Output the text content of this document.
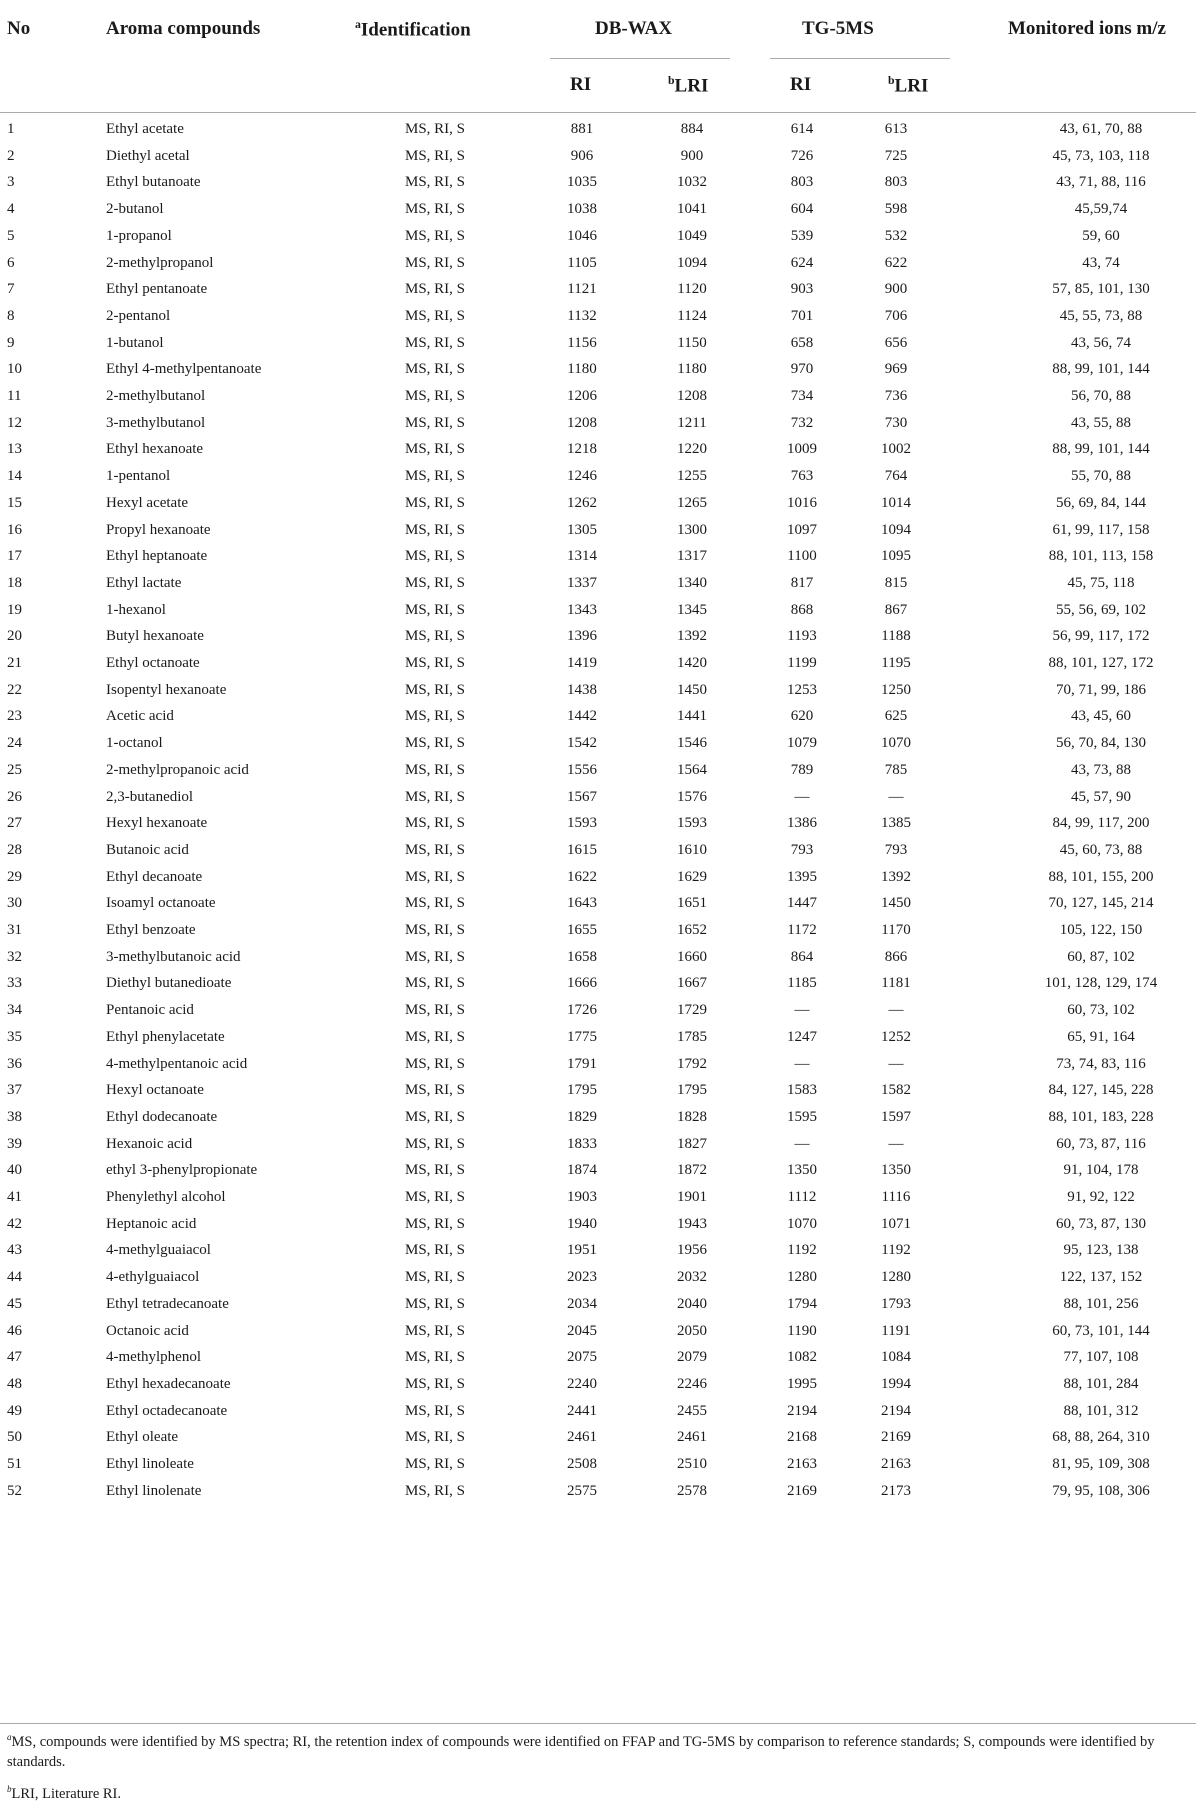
No	Aroma compounds	$^a$Identification	DB-WAX	TG-5MS	Monitored ions m/z
RI	$^b$LRI	RI	$^b$LRI
1	Ethyl acetate	MS, RI, S	881	884	614	613	43, 61, 70, 88
2	Diethyl acetal	MS, RI, S	906	900	726	725	45, 73, 103, 118
3	Ethyl butanoate	MS, RI, S	1035	1032	803	803	43, 71, 88, 116
4	2-butanol	MS, RI, S	1038	1041	604	598	45,59,74
5	1-propanol	MS, RI, S	1046	1049	539	532	59, 60
6	2-methylpropanol	MS, RI, S	1105	1094	624	622	43, 74
7	Ethyl pentanoate	MS, RI, S	1121	1120	903	900	57, 85, 101, 130
8	2-pentanol	MS, RI, S	1132	1124	701	706	45, 55, 73, 88
9	1-butanol	MS, RI, S	1156	1150	658	656	43, 56, 74
10	Ethyl 4-methylpentanoate	MS, RI, S	1180	1180	970	969	88, 99, 101, 144
11	2-methylbutanol	MS, RI, S	1206	1208	734	736	56, 70, 88
12	3-methylbutanol	MS, RI, S	1208	1211	732	730	43, 55, 88
13	Ethyl hexanoate	MS, RI, S	1218	1220	1009	1002	88, 99, 101, 144
14	1-pentanol	MS, RI, S	1246	1255	763	764	55, 70, 88
15	Hexyl acetate	MS, RI, S	1262	1265	1016	1014	56, 69, 84, 144
16	Propyl hexanoate	MS, RI, S	1305	1300	1097	1094	61, 99, 117, 158
17	Ethyl heptanoate	MS, RI, S	1314	1317	1100	1095	88, 101, 113, 158
18	Ethyl lactate	MS, RI, S	1337	1340	817	815	45, 75, 118
19	1-hexanol	MS, RI, S	1343	1345	868	867	55, 56, 69, 102
20	Butyl hexanoate	MS, RI, S	1396	1392	1193	1188	56, 99, 117, 172
21	Ethyl octanoate	MS, RI, S	1419	1420	1199	1195	88, 101, 127, 172
22	Isopentyl hexanoate	MS, RI, S	1438	1450	1253	1250	70, 71, 99, 186
23	Acetic acid	MS, RI, S	1442	1441	620	625	43, 45, 60
24	1-octanol	MS, RI, S	1542	1546	1079	1070	56, 70, 84, 130
25	2-methylpropanoic acid	MS, RI, S	1556	1564	789	785	43, 73, 88
26	2,3-butanediol	MS, RI, S	1567	1576	—	—	45, 57, 90
27	Hexyl hexanoate	MS, RI, S	1593	1593	1386	1385	84, 99, 117, 200
28	Butanoic acid	MS, RI, S	1615	1610	793	793	45, 60, 73, 88
29	Ethyl decanoate	MS, RI, S	1622	1629	1395	1392	88, 101, 155, 200
30	Isoamyl octanoate	MS, RI, S	1643	1651	1447	1450	70, 127, 145, 214
31	Ethyl benzoate	MS, RI, S	1655	1652	1172	1170	105, 122, 150
32	3-methylbutanoic acid	MS, RI, S	1658	1660	864	866	60, 87, 102
33	Diethyl butanedioate	MS, RI, S	1666	1667	1185	1181	101, 128, 129, 174
34	Pentanoic acid	MS, RI, S	1726	1729	—	—	60, 73, 102
35	Ethyl phenylacetate	MS, RI, S	1775	1785	1247	1252	65, 91, 164
36	4-methylpentanoic acid	MS, RI, S	1791	1792	—	—	73, 74, 83, 116
37	Hexyl octanoate	MS, RI, S	1795	1795	1583	1582	84, 127, 145, 228
38	Ethyl dodecanoate	MS, RI, S	1829	1828	1595	1597	88, 101, 183, 228
39	Hexanoic acid	MS, RI, S	1833	1827	—	—	60, 73, 87, 116
40	ethyl 3-phenylpropionate	MS, RI, S	1874	1872	1350	1350	91, 104, 178
41	Phenylethyl alcohol	MS, RI, S	1903	1901	1112	1116	91, 92, 122
42	Heptanoic acid	MS, RI, S	1940	1943	1070	1071	60, 73, 87, 130
43	4-methylguaiacol	MS, RI, S	1951	1956	1192	1192	95, 123, 138
44	4-ethylguaiacol	MS, RI, S	2023	2032	1280	1280	122, 137, 152
45	Ethyl tetradecanoate	MS, RI, S	2034	2040	1794	1793	88, 101, 256
46	Octanoic acid	MS, RI, S	2045	2050	1190	1191	60, 73, 101, 144
47	4-methylphenol	MS, RI, S	2075	2079	1082	1084	77, 107, 108
48	Ethyl hexadecanoate	MS, RI, S	2240	2246	1995	1994	88, 101, 284
49	Ethyl octadecanoate	MS, RI, S	2441	2455	2194	2194	88, 101, 312
50	Ethyl oleate	MS, RI, S	2461	2461	2168	2169	68, 88, 264, 310
51	Ethyl linoleate	MS, RI, S	2508	2510	2163	2163	81, 95, 109, 308
52	Ethyl linolenate	MS, RI, S	2575	2578	2169	2173	79, 95, 108, 306
$^a$MS, compounds were identified by MS spectra; RI, the retention index of compounds were identified on FFAP and TG-5MS by comparison to reference standards; S, compounds were identified by standards.
$^b$LRI, Literature RI.
